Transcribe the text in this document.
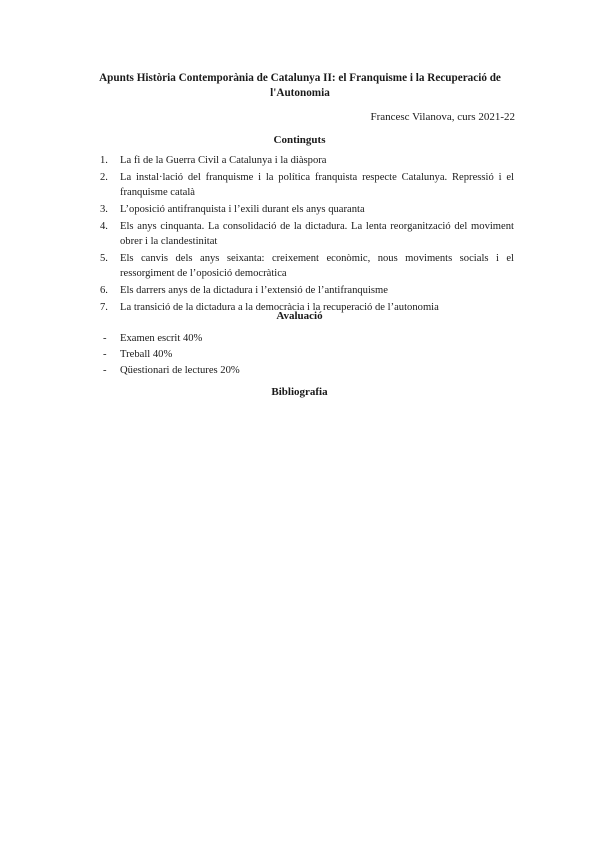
Apunts Història Contemporània de Catalunya II: el Franquisme i la Recuperació de l'Autonomia
Francesc Vilanova, curs 2021-22
Continguts
1. La fi de la Guerra Civil a Catalunya i la diàspora
2. La instal·lació del franquisme i la política franquista respecte Catalunya. Repressió i el franquisme català
3. L’oposició antifranquista i l’exili durant els anys quaranta
4. Els anys cinquanta. La consolidació de la dictadura. La lenta reorganització del moviment obrer i la clandestinitat
5. Els canvis dels anys seixanta: creixement econòmic, nous moviments socials i el ressorgiment de l’oposició democràtica
6. Els darrers anys de la dictadura i l’extensió de l’antifranquisme
7. La transició de la dictadura a la democràcia i la recuperació de l’autonomia
Avaluació
- Examen escrit 40%
- Treball 40%
- Qüestionari de lectures 20%
Bibliografia
